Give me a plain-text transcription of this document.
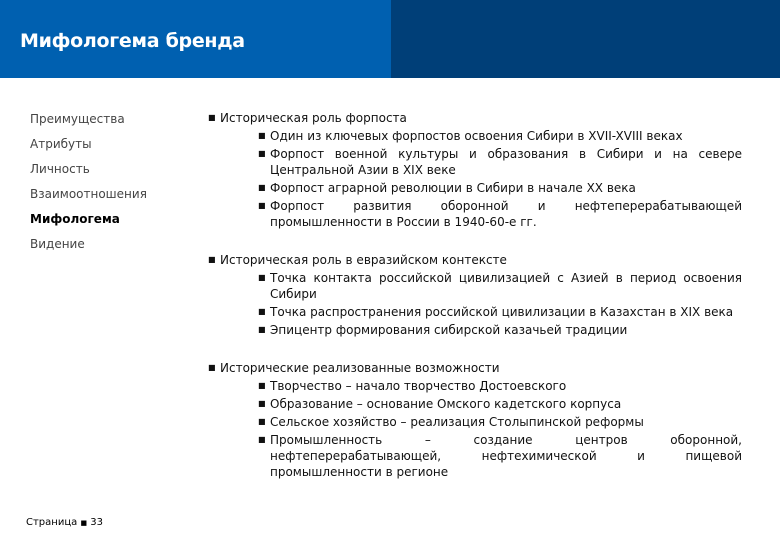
Мифологема бренда
Преимущества
Атрибуты
Личность
Взаимоотношения
Мифологема
Видение
■ Историческая роль форпоста
■ Один из ключевых форпостов освоения Сибири в XVII-XVIII веках
■ Форпост военной культуры и образования в Сибири и на севере Центральной Азии в XIX веке
■ Форпост аграрной революции в Сибири в начале XX века
■ Форпост развития оборонной и нефтеперерабатывающей промышленности в России в 1940-60-е гг.
■ Историческая роль в евразийском контексте
■ Точка контакта российской цивилизацией с Азией в период освоения Сибири
■ Точка распространения российской цивилизации в Казахстан в XIX века
■ Эпицентр формирования сибирской казачьей традиции
■ Исторические реализованные возможности
■ Творчество – начало творчество Достоевского
■ Образование – основание Омского кадетского корпуса
■ Сельское хозяйство – реализация Столыпинской реформы
■ Промышленность – создание центров оборонной, нефтеперерабатывающей, нефтехимической и пищевой промышленности в регионе
Страница ■ 33
